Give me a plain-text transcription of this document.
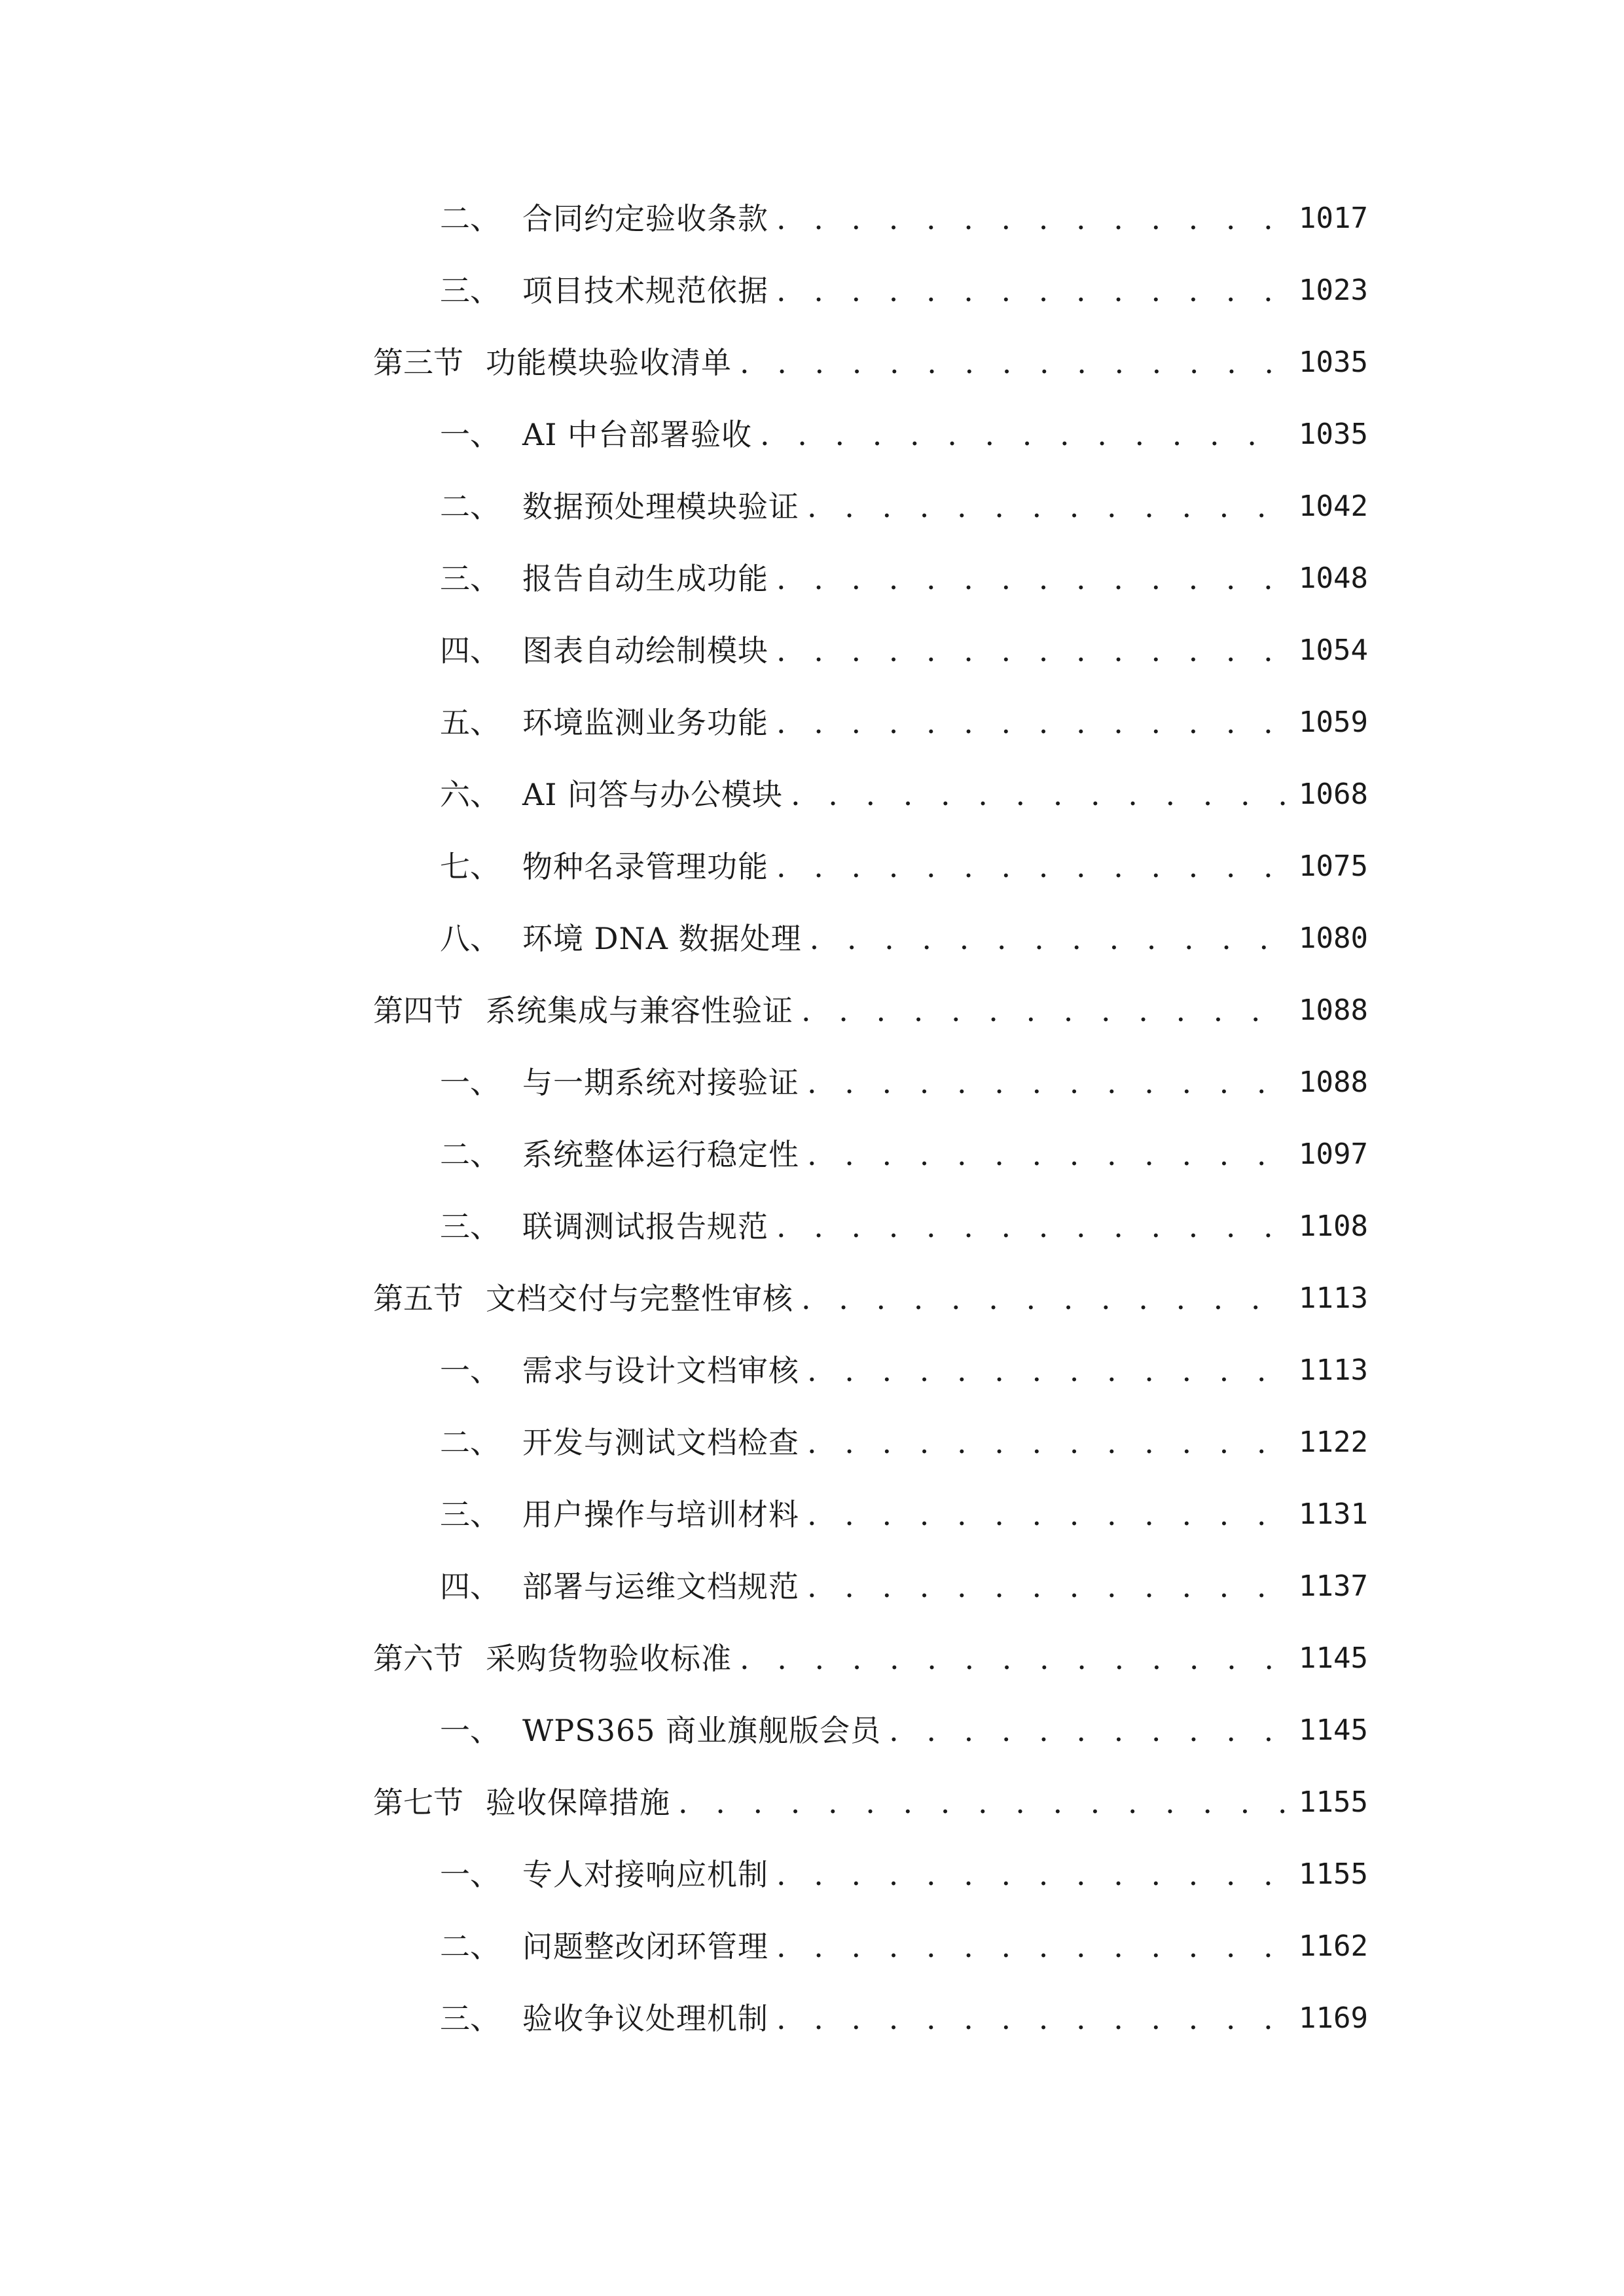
二、 合同约定验收条款 . . .	1017
三、 项目技术规范依据 . . .	1023
第三节 功能模块验收清单 . . .	1035
一、 AI 中台部署验收 . . .	1035
二、 数据预处理模块验证 . . .	1042
三、 报告自动生成功能 . . .	1048
四、 图表自动绘制模块 . . .	1054
五、 环境监测业务功能 . . .	1059
六、 AI 问答与办公模块 . . .	1068
七、 物种名录管理功能 . . .	1075
八、 环境 DNA 数据处理 . . .	1080
第四节 系统集成与兼容性验证 . . .	1088
一、 与一期系统对接验证 . . .	1088
二、 系统整体运行稳定性 . . .	1097
三、 联调测试报告规范 . . .	1108
第五节 文档交付与完整性审核 . . .	1113
一、 需求与设计文档审核 . . .	1113
二、 开发与测试文档检查 . . .	1122
三、 用户操作与培训材料 . . .	1131
四、 部署与运维文档规范 . . .	1137
第六节 采购货物验收标准 . . .	1145
一、 WPS365 商业旗舰版会员 . . .	1145
第七节 验收保障措施 . . .	1155
一、 专人对接响应机制 . . .	1155
二、 问题整改闭环管理 . . .	1162
三、 验收争议处理机制 . . .	1169
